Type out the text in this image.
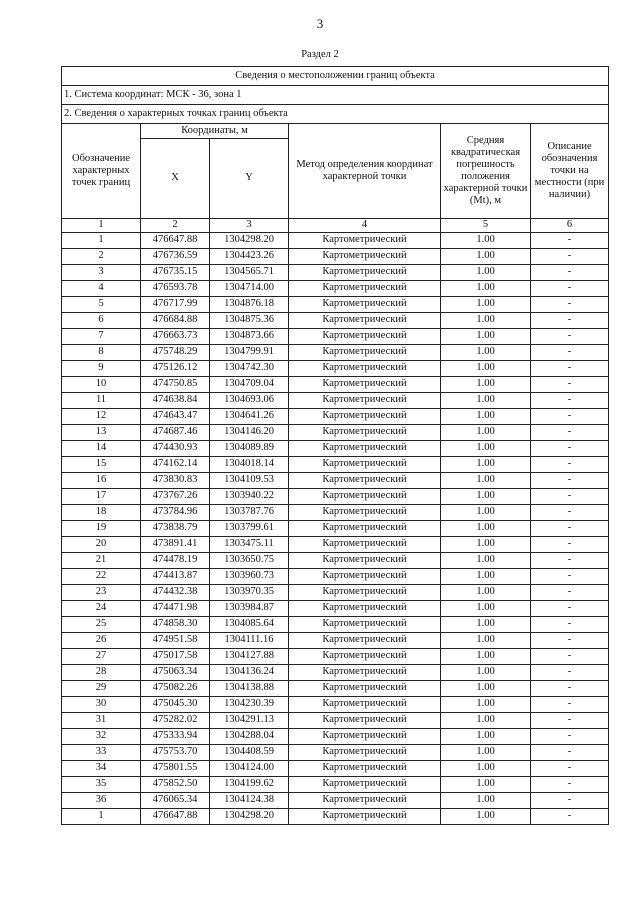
3
Раздел 2
Сведения о местоположении границ объекта					
1. Система координат: МСК - 36, зона 1					
2. Сведения о характерных точках границ объекта					
Обозначение характерных точек границ	Координаты, м		Метод определения координат характерной точки	Средняя квадратическая погрешность положения характерной точки (Mt), м	Описание обозначения точки на местности (при наличии)
	X	Y			
1	2	3	4	5	6
1	476647.88	1304298.20	Картометрический	1.00	-
2	476736.59	1304423.26	Картометрический	1.00	-
3	476735.15	1304565.71	Картометрический	1.00	-
4	476593.78	1304714.00	Картометрический	1.00	-
5	476717.99	1304876.18	Картометрический	1.00	-
6	476684.88	1304875.36	Картометрический	1.00	-
7	476663.73	1304873.66	Картометрический	1.00	-
8	475748.29	1304799.91	Картометрический	1.00	-
9	475126.12	1304742.30	Картометрический	1.00	-
10	474750.85	1304709.04	Картометрический	1.00	-
11	474638.84	1304693.06	Картометрический	1.00	-
12	474643.47	1304641.26	Картометрический	1.00	-
13	474687.46	1304146.20	Картометрический	1.00	-
14	474430.93	1304089.89	Картометрический	1.00	-
15	474162.14	1304018.14	Картометрический	1.00	-
16	473830.83	1304109.53	Картометрический	1.00	-
17	473767.26	1303940.22	Картометрический	1.00	-
18	473784.96	1303787.76	Картометрический	1.00	-
19	473838.79	1303799.61	Картометрический	1.00	-
20	473891.41	1303475.11	Картометрический	1.00	-
21	474478.19	1303650.75	Картометрический	1.00	-
22	474413.87	1303960.73	Картометрический	1.00	-
23	474432.38	1303970.35	Картометрический	1.00	-
24	474471.98	1303984.87	Картометрический	1.00	-
25	474858.30	1304085.64	Картометрический	1.00	-
26	474951.58	1304111.16	Картометрический	1.00	-
27	475017.58	1304127.88	Картометрический	1.00	-
28	475063.34	1304136.24	Картометрический	1.00	-
29	475082.26	1304138.88	Картометрический	1.00	-
30	475045.30	1304230.39	Картометрический	1.00	-
31	475282.02	1304291.13	Картометрический	1.00	-
32	475333.94	1304288.04	Картометрический	1.00	-
33	475753.70	1304408.59	Картометрический	1.00	-
34	475801.55	1304124.00	Картометрический	1.00	-
35	475852.50	1304199.62	Картометрический	1.00	-
36	476065.34	1304124.38	Картометрический	1.00	-
1	476647.88	1304298.20	Картометрический	1.00	-
